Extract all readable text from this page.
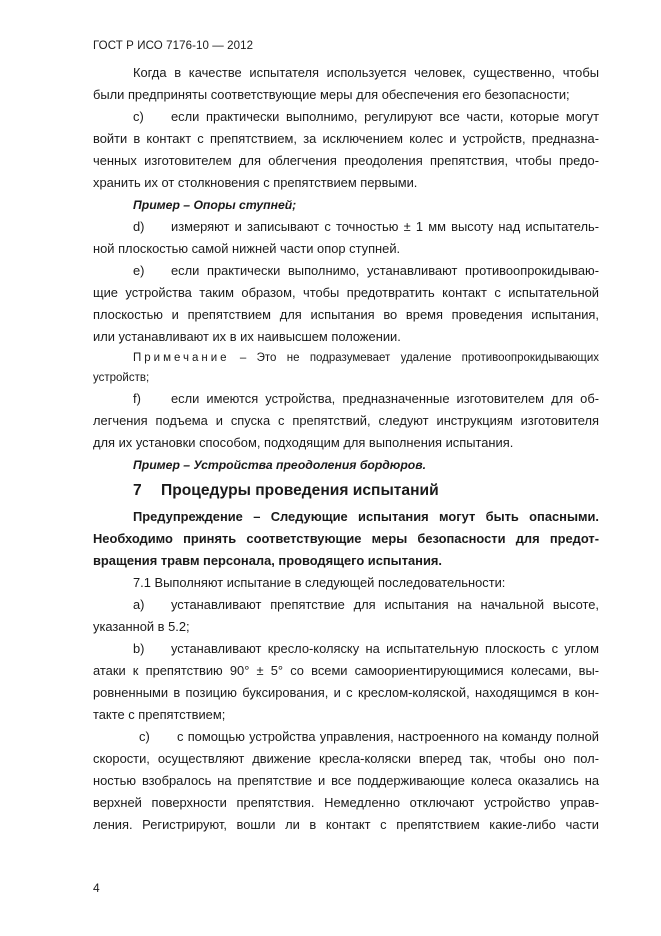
ГОСТ Р ИСО 7176-10 — 2012

Когда в качестве испытателя используется человек, существенно, чтобы

были предприняты соответствующие меры для обеспечения его безопасности;

c) если практически выполнимо, регулируют все части, которые могут

войти в контакт с препятствием, за исключением колес и устройств, предназна-

ченных изготовителем для облегчения преодоления препятствия, чтобы предо-

хранить их от столкновения с препятствием первыми.

Пример – Опоры ступней;

d) измеряют и записывают с точностью ± 1 мм высоту над испытатель-

ной плоскостью самой нижней части опор ступней.

e) если практически выполнимо, устанавливают противоопрокидываю-

щие устройства таким образом, чтобы предотвратить контакт с испытательной

плоскостью и препятствием для испытания во время проведения испытания,

или устанавливают их в их наивысшем положении.

Примечание – Это не подразумевает удаление противоопрокидывающих

устройств;

f) если имеются устройства, предназначенные изготовителем для об-

легчения подъема и спуска с препятствий, следуют инструкциям изготовителя

для их установки способом, подходящим для выполнения испытания.

Пример – Устройства преодоления бордюров.

7 Процедуры проведения испытаний

Предупреждение – Следующие испытания могут быть опасными.

Необходимо принять соответствующие меры безопасности для предот-

вращения травм персонала, проводящего испытания.

7.1 Выполняют испытание в следующей последовательности:

a) устанавливают препятствие для испытания на начальной высоте,

указанной в 5.2;

b) устанавливают кресло-коляску на испытательную плоскость с углом

атаки к препятствию 90° ± 5° со всеми самоориентирующимися колесами, вы-

ровненными в позицию буксирования, и с креслом-коляской, находящимся в кон-

такте с препятствием;

c) с помощью устройства управления, настроенного на команду полной

скорости, осуществляют движение кресла-коляски вперед так, чтобы оно пол-

ностью взобралось на препятствие и все поддерживающие колеса оказались на

верхней поверхности препятствия. Немедленно отключают устройство управ-

ления. Регистрируют, вошли ли в контакт с препятствием какие-либо части

4
